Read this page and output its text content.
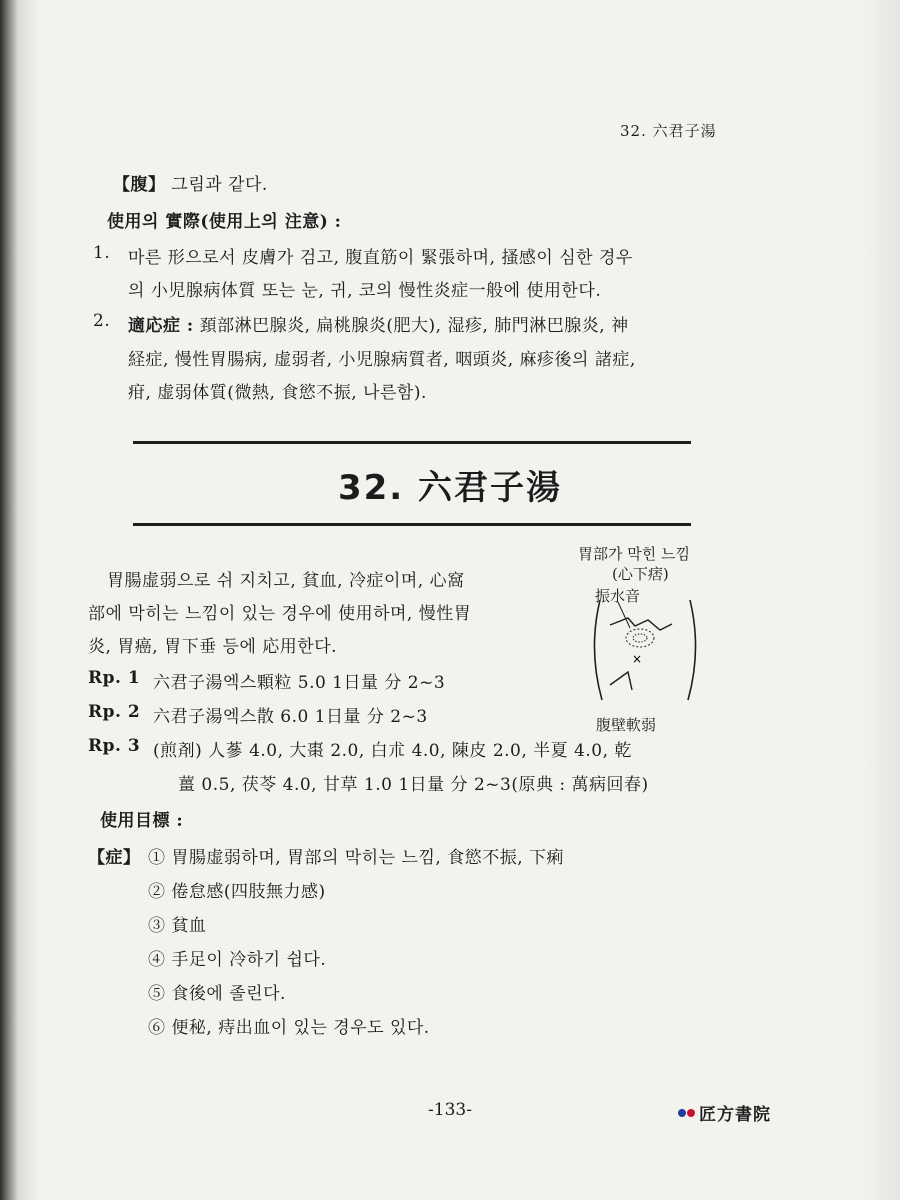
32. 六君子湯
【腹】 그림과 같다.
使用의 實際(使用上의 注意) :
1. 마른 形으로서 皮膚가 검고, 腹直筋이 緊張하며, 搔感이 심한 경우
의 小児腺病体質 또는 눈, 귀, 코의 慢性炎症一般에 使用한다.
2. 適応症 : 頚部淋巴腺炎, 扁桃腺炎(肥大), 湿疹, 肺門淋巴腺炎, 神
経症, 慢性胃腸病, 虚弱者, 小児腺病質者, 咽頭炎, 麻疹後의 諸症,
疳, 虚弱体質(微熱, 食慾不振, 나른함).
32. 六君子湯
胃腸虚弱으로 쉬 지치고, 貧血, 冷症이며, 心窩
部에 막히는 느낌이 있는 경우에 使用하며, 慢性胃
炎, 胃癌, 胃下垂 등에 応用한다.
胃部가 막힌 느낌
(心下痞)
振水音
×
腹壁軟弱
Rp. 1 六君子湯엑스顆粒 5.0 1日量 分 2~3
Rp. 2 六君子湯엑스散 6.0 1日量 分 2~3
Rp. 3 (煎剤) 人蔘 4.0, 大棗 2.0, 白朮 4.0, 陳皮 2.0, 半夏 4.0, 乾
薑 0.5, 茯苓 4.0, 甘草 1.0 1日量 分 2~3(原典 : 萬病回春)
使用目標 :
【症】 ① 胃腸虚弱하며, 胃部의 막히는 느낌, 食慾不振, 下痢
② 倦怠感(四肢無力感)
③ 貧血
④ 手足이 冷하기 쉽다.
⑤ 食後에 졸린다.
⑥ 便秘, 痔出血이 있는 경우도 있다.
-133-	匠方書院
